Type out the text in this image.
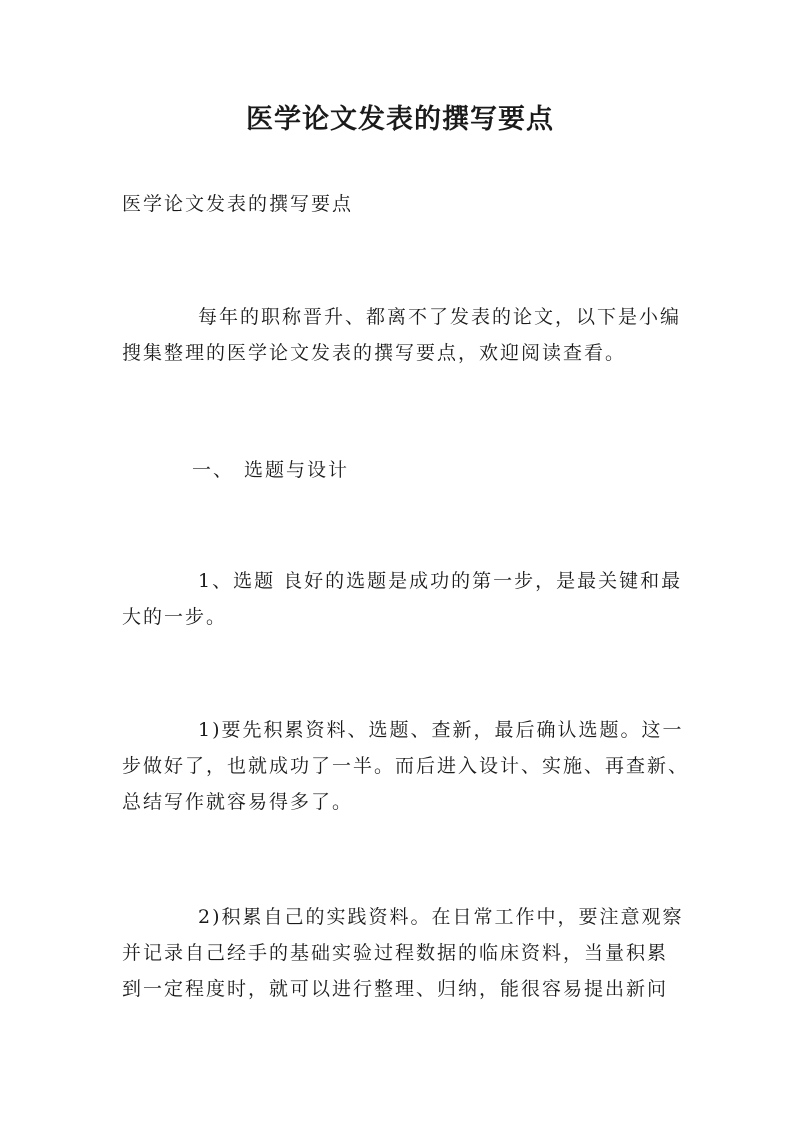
医学论文发表的撰写要点

医学论文发表的撰写要点

每年的职称晋升、都离不了发表的论文，以下是小编
搜集整理的医学论文发表的撰写要点，欢迎阅读查看。

一、 选题与设计

1、选题 良好的选题是成功的第一步，是最关键和最
大的一步。

1)要先积累资料、选题、查新，最后确认选题。这一
步做好了，也就成功了一半。而后进入设计、实施、再查新、
总结写作就容易得多了。

2)积累自己的实践资料。在日常工作中，要注意观察
并记录自己经手的基础实验过程数据的临床资料，当量积累
到一定程度时，就可以进行整理、归纳，能很容易提出新问
